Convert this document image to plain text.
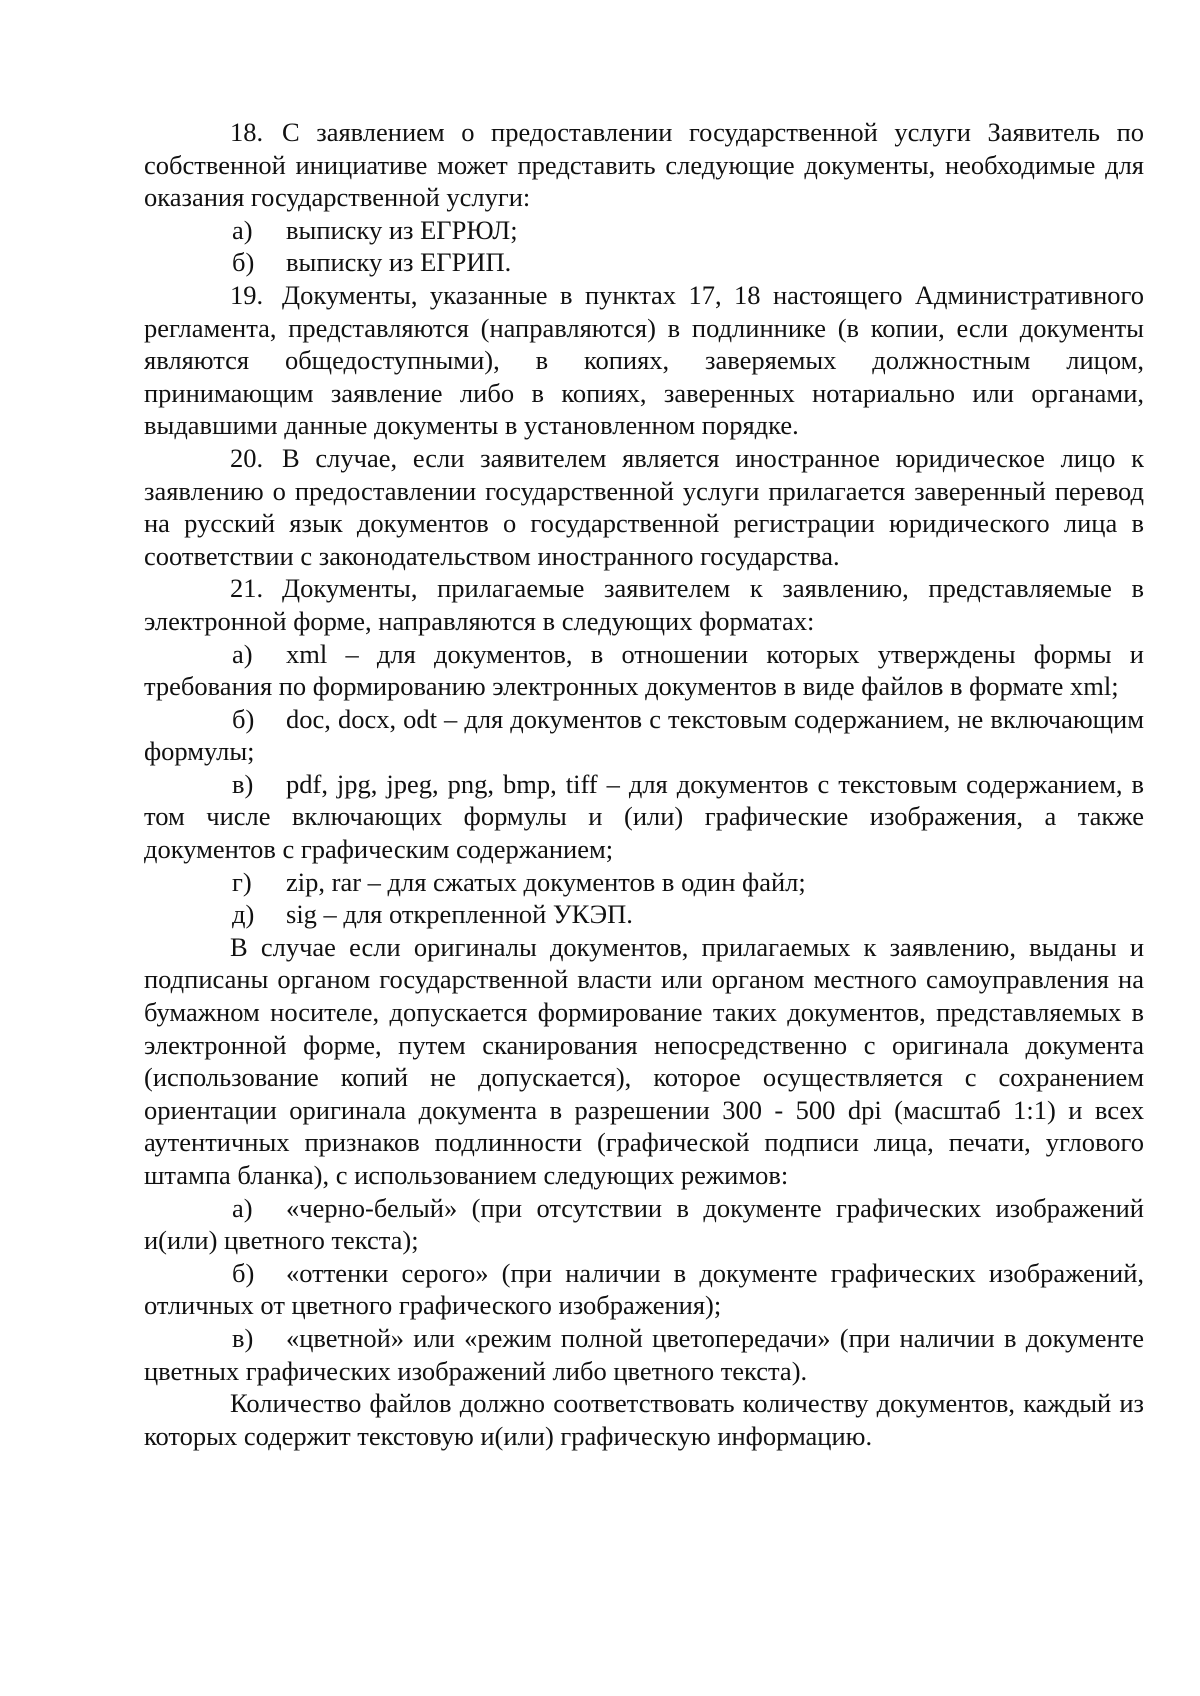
18. С заявлением о предоставлении государственной услуги Заявитель по собственной инициативе может представить следующие документы, необходимые для оказания государственной услуги:

а) выписку из ЕГРЮЛ;

б) выписку из ЕГРИП.

19. Документы, указанные в пунктах 17, 18 настоящего Административного регламента, представляются (направляются) в подлиннике (в копии, если документы являются общедоступными), в копиях, заверяемых должностным лицом, принимающим заявление либо в копиях, заверенных нотариально или органами, выдавшими данные документы в установленном порядке.

20. В случае, если заявителем является иностранное юридическое лицо к заявлению о предоставлении государственной услуги прилагается заверенный перевод на русский язык документов о государственной регистрации юридического лица в соответствии с законодательством иностранного государства.

21. Документы, прилагаемые заявителем к заявлению, представляемые в электронной форме, направляются в следующих форматах:

а) xml – для документов, в отношении которых утверждены формы и требования по формированию электронных документов в виде файлов в формате xml;

б) doc, docx, odt – для документов с текстовым содержанием, не включающим формулы;

в) pdf, jpg, jpeg, png, bmp, tiff – для документов с текстовым содержанием, в том числе включающих формулы и (или) графические изображения, а также документов с графическим содержанием;

г) zip, rar – для сжатых документов в один файл;

д) sig – для открепленной УКЭП.

В случае если оригиналы документов, прилагаемых к заявлению, выданы и подписаны органом государственной власти или органом местного самоуправления на бумажном носителе, допускается формирование таких документов, представляемых в электронной форме, путем сканирования непосредственно с оригинала документа (использование копий не допускается), которое осуществляется с сохранением ориентации оригинала документа в разрешении 300 - 500 dpi (масштаб 1:1) и всех аутентичных признаков подлинности (графической подписи лица, печати, углового штампа бланка), с использованием следующих режимов:

а) «черно-белый» (при отсутствии в документе графических изображений и(или) цветного текста);

б) «оттенки серого» (при наличии в документе графических изображений, отличных от цветного графического изображения);

в) «цветной» или «режим полной цветопередачи» (при наличии в документе цветных графических изображений либо цветного текста).

Количество файлов должно соответствовать количеству документов, каждый из которых содержит текстовую и(или) графическую информацию.
